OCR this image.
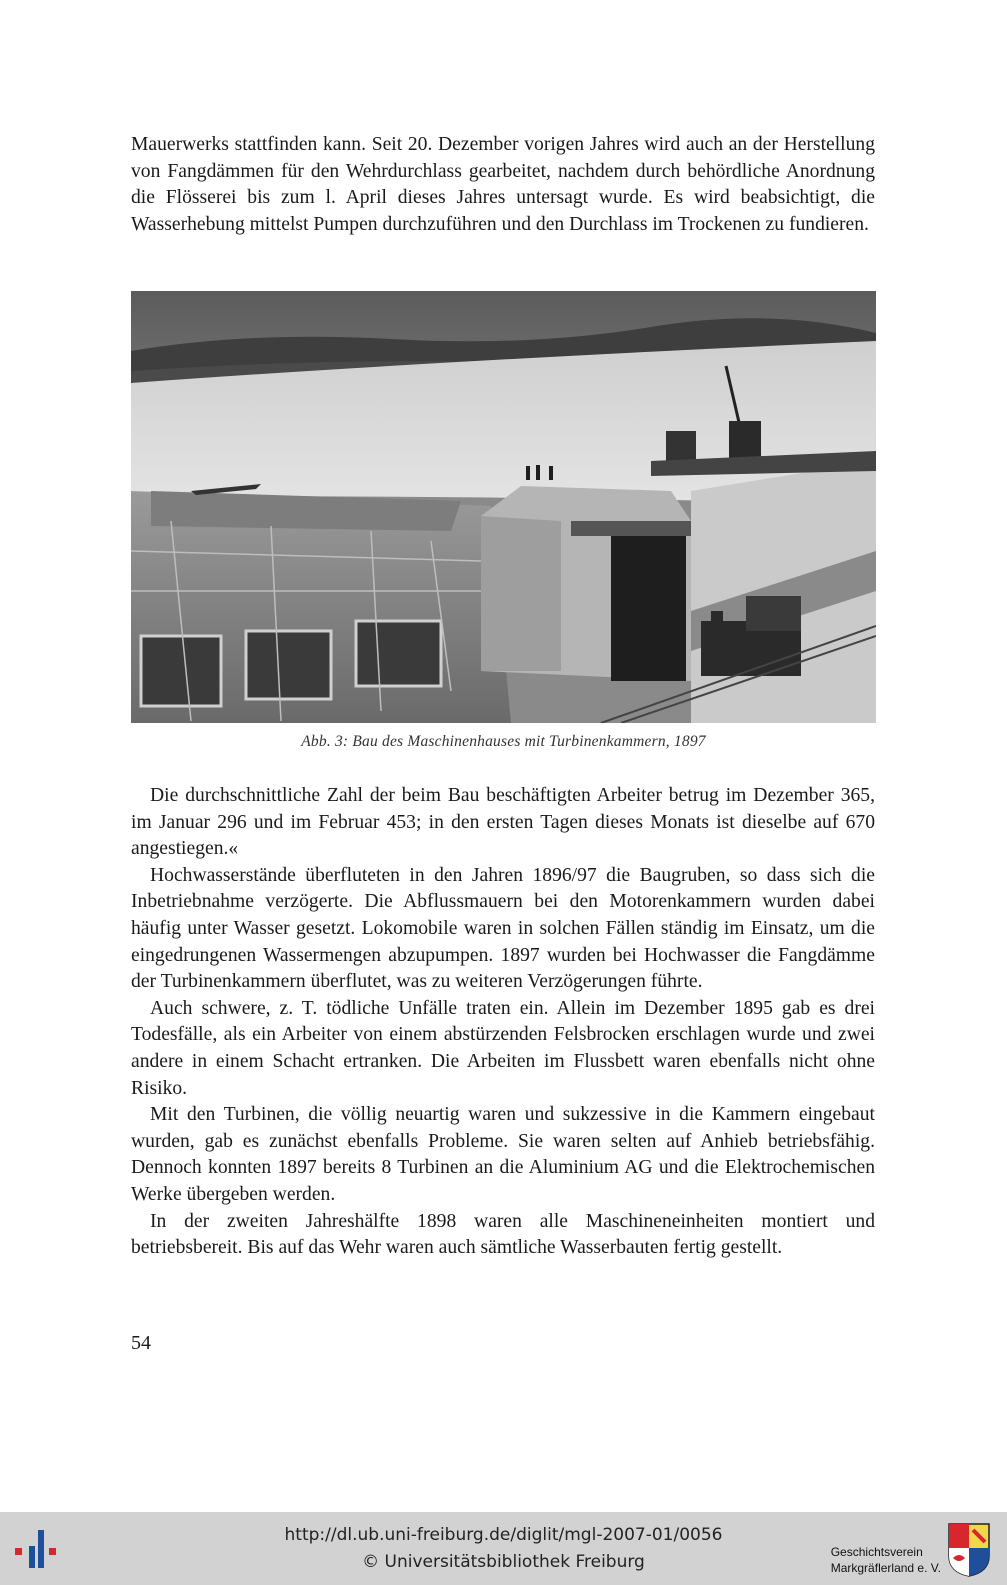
Mauerwerks stattfinden kann. Seit 20. Dezember vorigen Jahres wird auch an der Herstellung von Fangdämmen für den Wehrdurchlass gearbeitet, nachdem durch behördliche Anordnung die Flösserei bis zum l. April dieses Jahres untersagt wurde. Es wird beabsichtigt, die Wasserhebung mittelst Pumpen durchzuführen und den Durchlass im Trockenen zu fundieren.

Abb. 3: Bau des Maschinenhauses mit Turbinenkammern, 1897

Die durchschnittliche Zahl der beim Bau beschäftigten Arbeiter betrug im Dezember 365, im Januar 296 und im Februar 453; in den ersten Tagen dieses Monats ist dieselbe auf 670 angestiegen.«

Hochwasserstände überfluteten in den Jahren 1896/97 die Baugruben, so dass sich die Inbetriebnahme verzögerte. Die Abflussmauern bei den Motorenkammern wurden dabei häufig unter Wasser gesetzt. Lokomobile waren in solchen Fällen ständig im Einsatz, um die eingedrungenen Wassermengen abzupumpen. 1897 wurden bei Hochwasser die Fangdämme der Turbinenkammern überflutet, was zu weiteren Verzögerungen führte.

Auch schwere, z. T. tödliche Unfälle traten ein. Allein im Dezember 1895 gab es drei Todesfälle, als ein Arbeiter von einem abstürzenden Felsbrocken erschlagen wurde und zwei andere in einem Schacht ertranken. Die Arbeiten im Flussbett waren ebenfalls nicht ohne Risiko.

Mit den Turbinen, die völlig neuartig waren und sukzessive in die Kammern eingebaut wurden, gab es zunächst ebenfalls Probleme. Sie waren selten auf Anhieb betriebsfähig. Dennoch konnten 1897 bereits 8 Turbinen an die Aluminium AG und die Elektrochemischen Werke übergeben werden.

In der zweiten Jahreshälfte 1898 waren alle Maschineneinheiten montiert und betriebsbereit. Bis auf das Wehr waren auch sämtliche Wasserbauten fertig gestellt.

54
http://dl.ub.uni-freiburg.de/diglit/mgl-2007-01/0056
© Universitätsbibliothek Freiburg	Geschichtsverein
Markgräflerland e. V.
